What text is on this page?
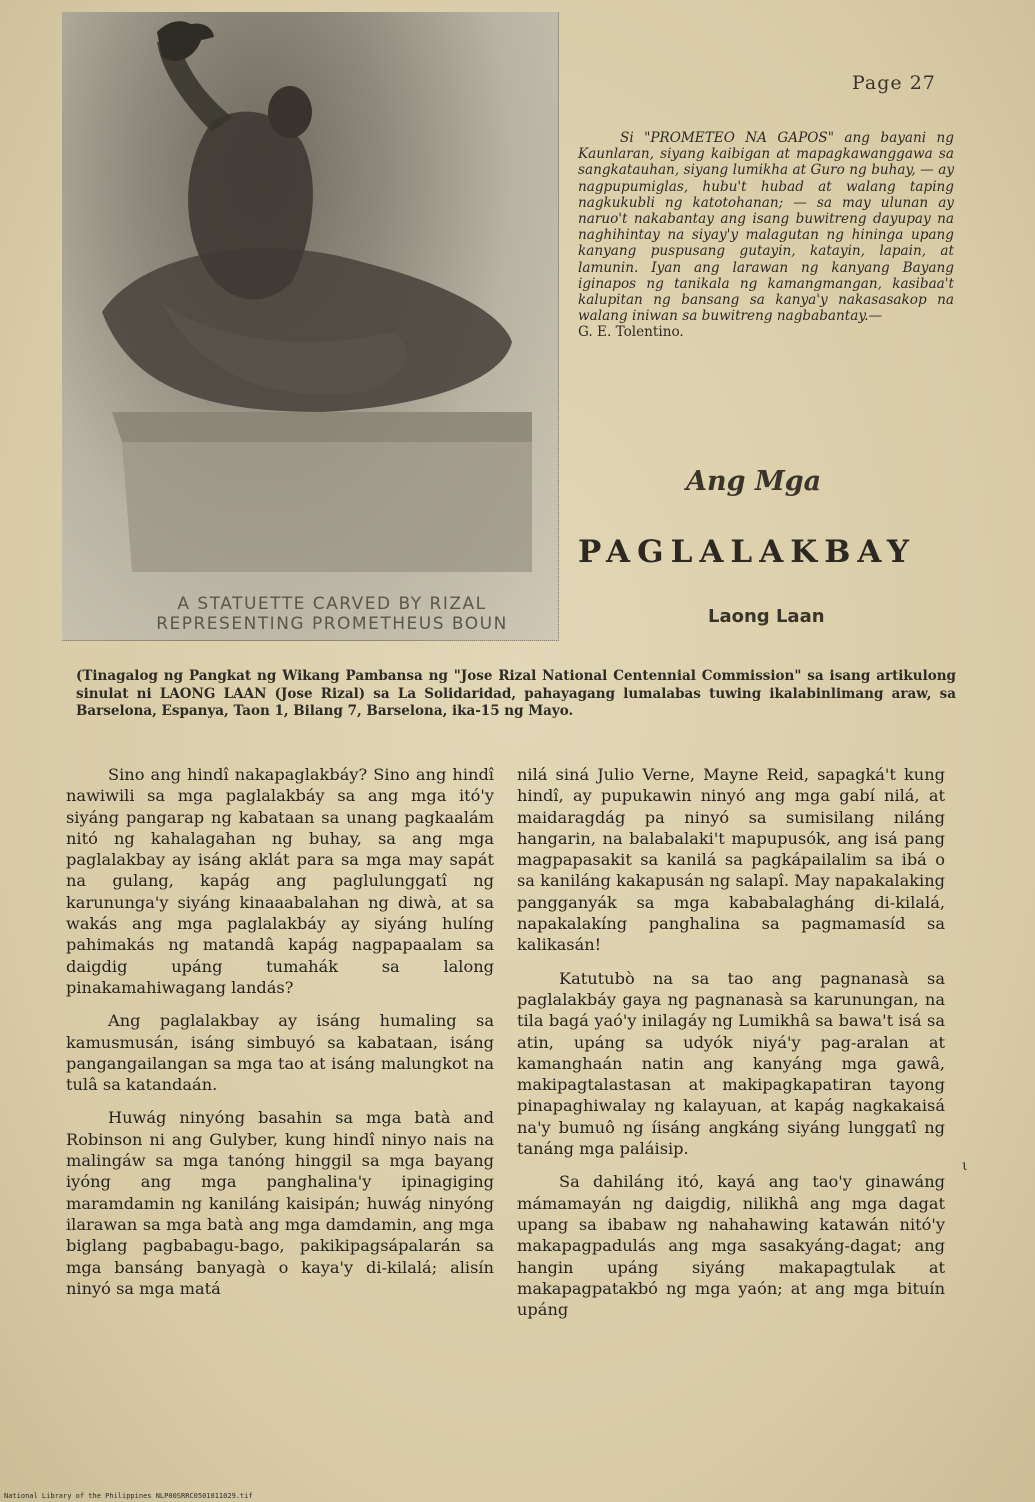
Page 27
A STATUETTE CARVED BY RIZAL
REPRESENTING PROMETHEUS BOUN
Si "PROMETEO NA GAPOS" ang bayani ng Kaunlaran, siyang kaibigan at mapagkawanggawa sa sangkatauhan, siyang lumikha at Guro ng buhay, — ay nagpupumiglas, hubu't hubad at walang taping nagkukubli ng katotohanan; — sa may ulunan ay naruo't nakabantay ang isang buwitreng dayupay na naghihintay na siyay'y malagutan ng hininga upang kanyang puspusang gutayin, katayin, lapain, at lamunin. Iyan ang larawan ng kanyang Bayang iginapos ng tanikala ng kamangmangan, kasibaa't kalupitan ng bansang sa kanya'y nakasasakop na walang iniwan sa buwitreng nagbabantay.—
G. E. Tolentino.
Ang Mga
PAGLALAKBAY
Laong Laan
(Tinagalog ng Pangkat ng Wikang Pambansa ng "Jose Rizal National Centennial Commission" sa isang artikulong sinulat ni LAONG LAAN (Jose Rizal) sa La Solidaridad, pahayagang lumalabas tuwing ikalabinlimang araw, sa Barselona, Espanya, Taon 1, Bilang 7, Barselona, ika-15 ng Mayo.

Sino ang hindî nakapaglakbáy? Sino ang hindî nawiwili sa mga paglalakbáy sa ang mga itó'y siyáng pangarap ng kabataan sa unang pagkaalám nitó ng kahalagahan ng buhay, sa ang mga paglalakbay ay isáng aklát para sa mga may sapát na gulang, kapág ang paglulunggatî ng karununga'y siyáng kinaaabalahan ng diwà, at sa wakás ang mga paglalakbáy ay siyáng hulíng pahimakás ng matandâ kapág nagpapaalam sa daigdig upáng tumahák sa lalong pinakamahiwagang landás?

Ang paglalakbay ay isáng humaling sa kamusmusán, isáng simbuyó sa kabataan, isáng pangangailangan sa mga tao at isáng malungkot na tulâ sa katandaán.

Huwág ninyóng basahin sa mga batà and Robinson ni ang Gulyber, kung hindî ninyo nais na malingáw sa mga tanóng hinggil sa mga bayang iyóng ang mga panghalina'y ipinagiging maramdamin ng kaniláng kaisipán; huwág ninyóng ilarawan sa mga batà ang mga damdamin, ang mga biglang pagbabagu-bago, pakikipagsápalarán sa mga bansáng banyagà o kaya'y di-kilalá; alisín ninyó sa mga matá

nilá siná Julio Verne, Mayne Reid, sapagká't kung hindî, ay pupukawin ninyó ang mga gabí nilá, at maidaragdág pa ninyó sa sumisilang niláng hangarin, na balabalaki't mapupusók, ang isá pang magpapasakit sa kanilá sa pagkápailalim sa ibá o sa kaniláng kakapusán ng salapî. May napakalaking pangganyák sa mga kababalagháng di-kilalá, napakalakíng panghalina sa pagmamasíd sa kalikasán!

Katutubò na sa tao ang pagnanasà sa paglalakbáy gaya ng pagnanasà sa karunungan, na tila bagá yaó'y inilagáy ng Lumikhâ sa bawa't isá sa atin, upáng sa udyók niyá'y pag-aralan at kamanghaán natin ang kanyáng mga gawâ, makipagtalastasan at makipagkapatiran tayong pinapaghiwalay ng kalayuan, at kapág nagkakaisá na'y bumuô ng íisáng angkáng siyáng lunggatî ng tanáng mga paláisip.

Sa dahiláng itó, kayá ang tao'y ginawáng mámamayán ng daigdig, nilikhâ ang mga dagat upang sa ibabaw ng nahahawing katawán nitó'y makapagpadulás ang mga sasakyáng-dagat; ang hangin upáng siyáng makapagtulak at makapagpatakbó ng mga yaón; at ang mga bituín upáng

ι
National Library of the Philippines NLP00SRRC0501011029.tif
